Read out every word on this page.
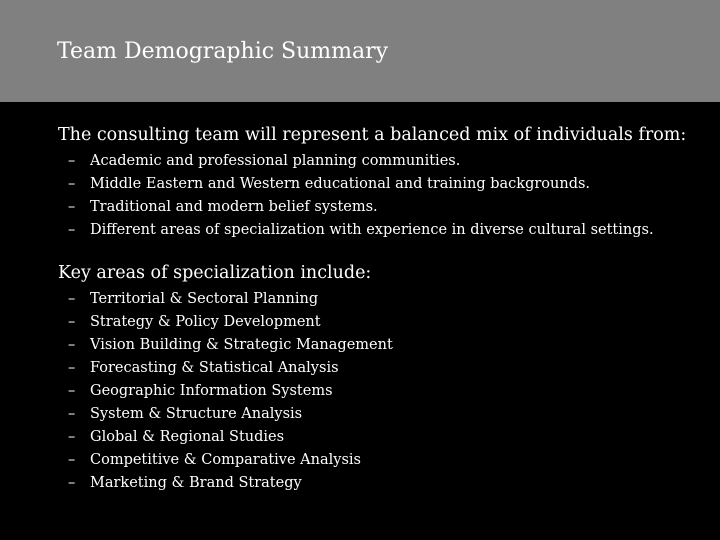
Team Demographic Summary

The consulting team will represent a balanced mix of individuals from:

– Academic and professional planning communities.
– Middle Eastern and Western educational and training backgrounds.
– Traditional and modern belief systems.
– Different areas of specialization with experience in diverse cultural settings.

Key areas of specialization include:

– Territorial & Sectoral Planning
– Strategy & Policy Development
– Vision Building & Strategic Management
– Forecasting & Statistical Analysis
– Geographic Information Systems
– System & Structure Analysis
– Global & Regional Studies
– Competitive & Comparative Analysis
– Marketing & Brand Strategy
